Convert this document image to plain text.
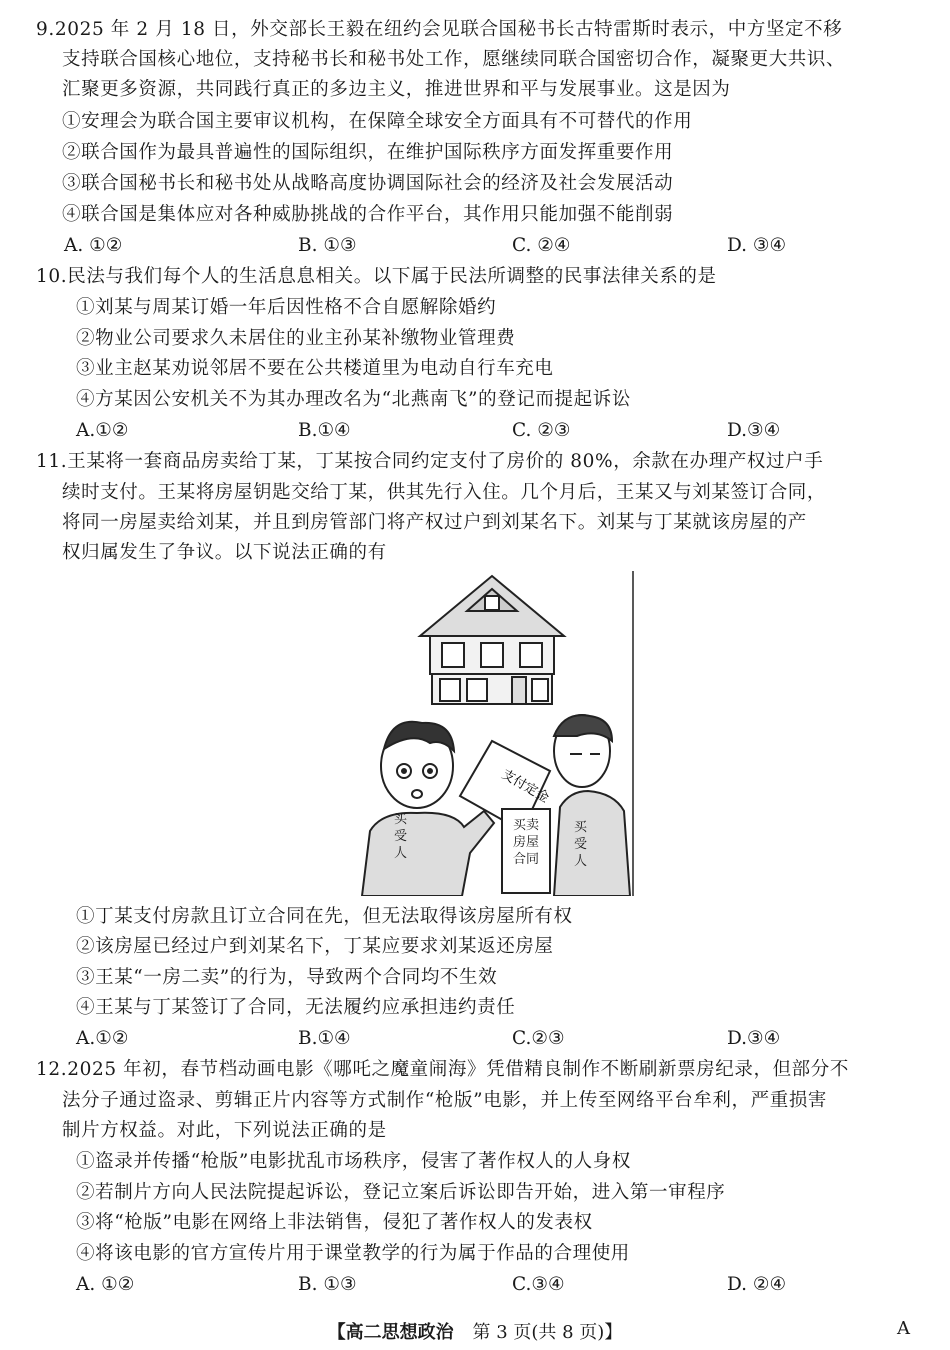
9.2025 年 2 月 18 日，外交部长王毅在纽约会见联合国秘书长古特雷斯时表示，中方坚定不移
支持联合国核心地位，支持秘书长和秘书处工作，愿继续同联合国密切合作，凝聚更大共识、
汇聚更多资源，共同践行真正的多边主义，推进世界和平与发展事业。这是因为
①安理会为联合国主要审议机构，在保障全球安全方面具有不可替代的作用
②联合国作为最具普遍性的国际组织，在维护国际秩序方面发挥重要作用
③联合国秘书长和秘书处从战略高度协调国际社会的经济及社会发展活动
④联合国是集体应对各种威胁挑战的合作平台，其作用只能加强不能削弱
A. ①②	B. ①③	C. ②④	D. ③④
10.民法与我们每个人的生活息息相关。以下属于民法所调整的民事法律关系的是
①刘某与周某订婚一年后因性格不合自愿解除婚约
②物业公司要求久未居住的业主孙某补缴物业管理费
③业主赵某劝说邻居不要在公共楼道里为电动自行车充电
④方某因公安机关不为其办理改名为“北燕南飞”的登记而提起诉讼
A.①②	B.①④	C. ②③	D.③④
11.王某将一套商品房卖给丁某，丁某按合同约定支付了房价的 80%，余款在办理产权过户手
续时支付。王某将房屋钥匙交给丁某，供其先行入住。几个月后，王某又与刘某签订合同，
将同一房屋卖给刘某，并且到房管部门将产权过户到刘某名下。刘某与丁某就该房屋的产
权归属发生了争议。以下说法正确的有
支付定金
买卖房屋合同
买受人
买受人
①丁某支付房款且订立合同在先，但无法取得该房屋所有权
②该房屋已经过户到刘某名下，丁某应要求刘某返还房屋
③王某“一房二卖”的行为，导致两个合同均不生效
④王某与丁某签订了合同，无法履约应承担违约责任
A.①②	B.①④	C.②③	D.③④
12.2025 年初，春节档动画电影《哪吒之魔童闹海》凭借精良制作不断刷新票房纪录，但部分不
法分子通过盗录、剪辑正片内容等方式制作“枪版”电影，并上传至网络平台牟利，严重损害
制片方权益。对此，下列说法正确的是
①盗录并传播“枪版”电影扰乱市场秩序，侵害了著作权人的人身权
②若制片方向人民法院提起诉讼，登记立案后诉讼即告开始，进入第一审程序
③将“枪版”电影在网络上非法销售，侵犯了著作权人的发表权
④将该电影的官方宣传片用于课堂教学的行为属于作品的合理使用
A. ①②	B. ①③	C.③④	D. ②④
【高二思想政治 第 3 页(共 8 页)】	A
